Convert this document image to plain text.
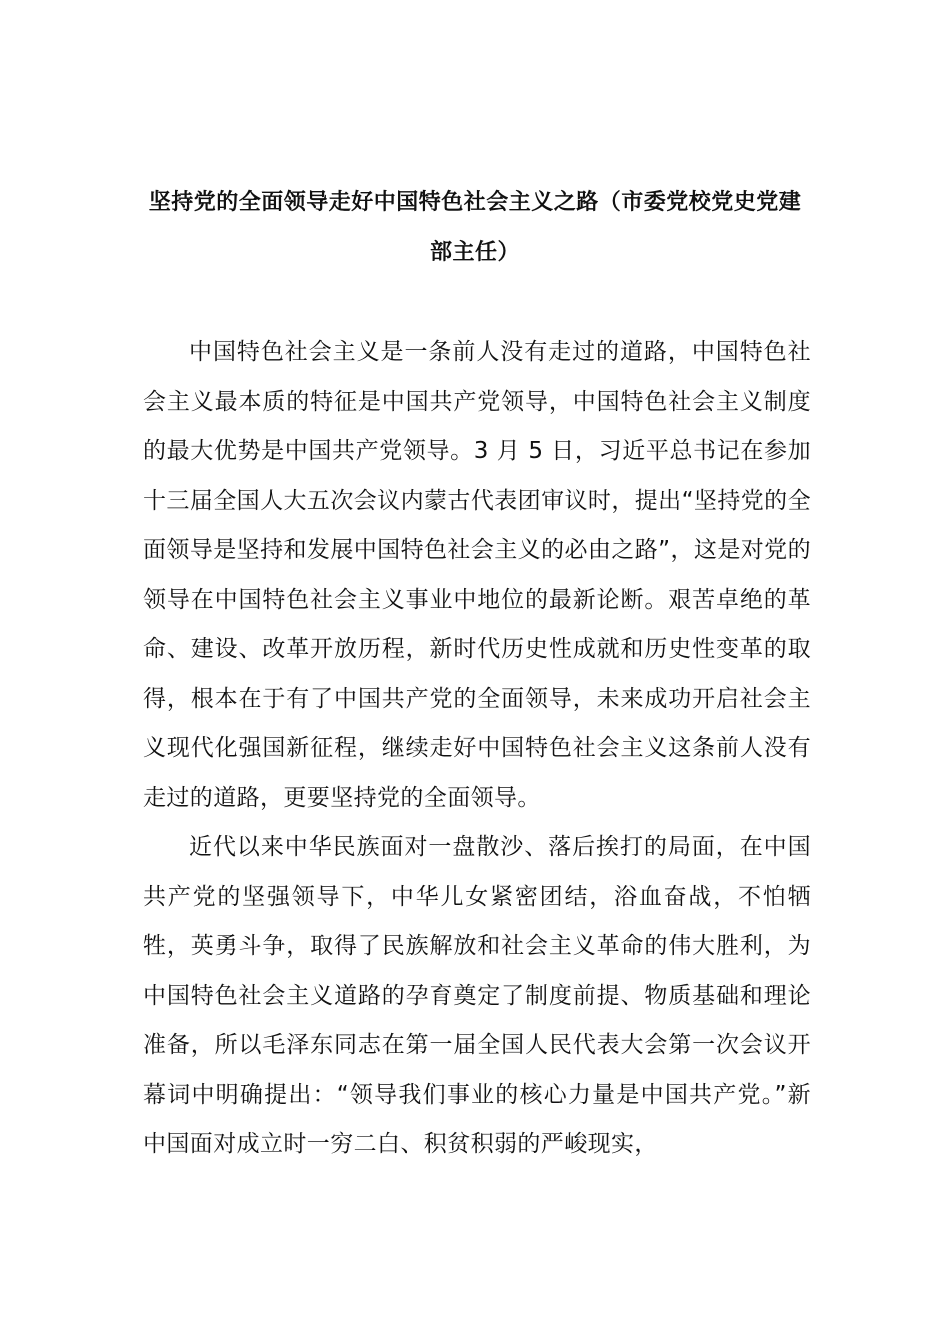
坚持党的全面领导走好中国特色社会主义之路（市委党校党史党建部主任）

中国特色社会主义是一条前人没有走过的道路，中国特色社会主义最本质的特征是中国共产党领导，中国特色社会主义制度的最大优势是中国共产党领导。3 月 5 日，习近平总书记在参加十三届全国人大五次会议内蒙古代表团审议时，提出“坚持党的全面领导是坚持和发展中国特色社会主义的必由之路”，这是对党的领导在中国特色社会主义事业中地位的最新论断。艰苦卓绝的革命、建设、改革开放历程，新时代历史性成就和历史性变革的取得，根本在于有了中国共产党的全面领导，未来成功开启社会主义现代化强国新征程，继续走好中国特色社会主义这条前人没有走过的道路，更要坚持党的全面领导。

近代以来中华民族面对一盘散沙、落后挨打的局面，在中国共产党的坚强领导下，中华儿女紧密团结，浴血奋战，不怕牺牲，英勇斗争，取得了民族解放和社会主义革命的伟大胜利，为中国特色社会主义道路的孕育奠定了制度前提、物质基础和理论准备，所以毛泽东同志在第一届全国人民代表大会第一次会议开幕词中明确提出：“领导我们事业的核心力量是中国共产党。”新中国面对成立时一穷二白、积贫积弱的严峻现实，
